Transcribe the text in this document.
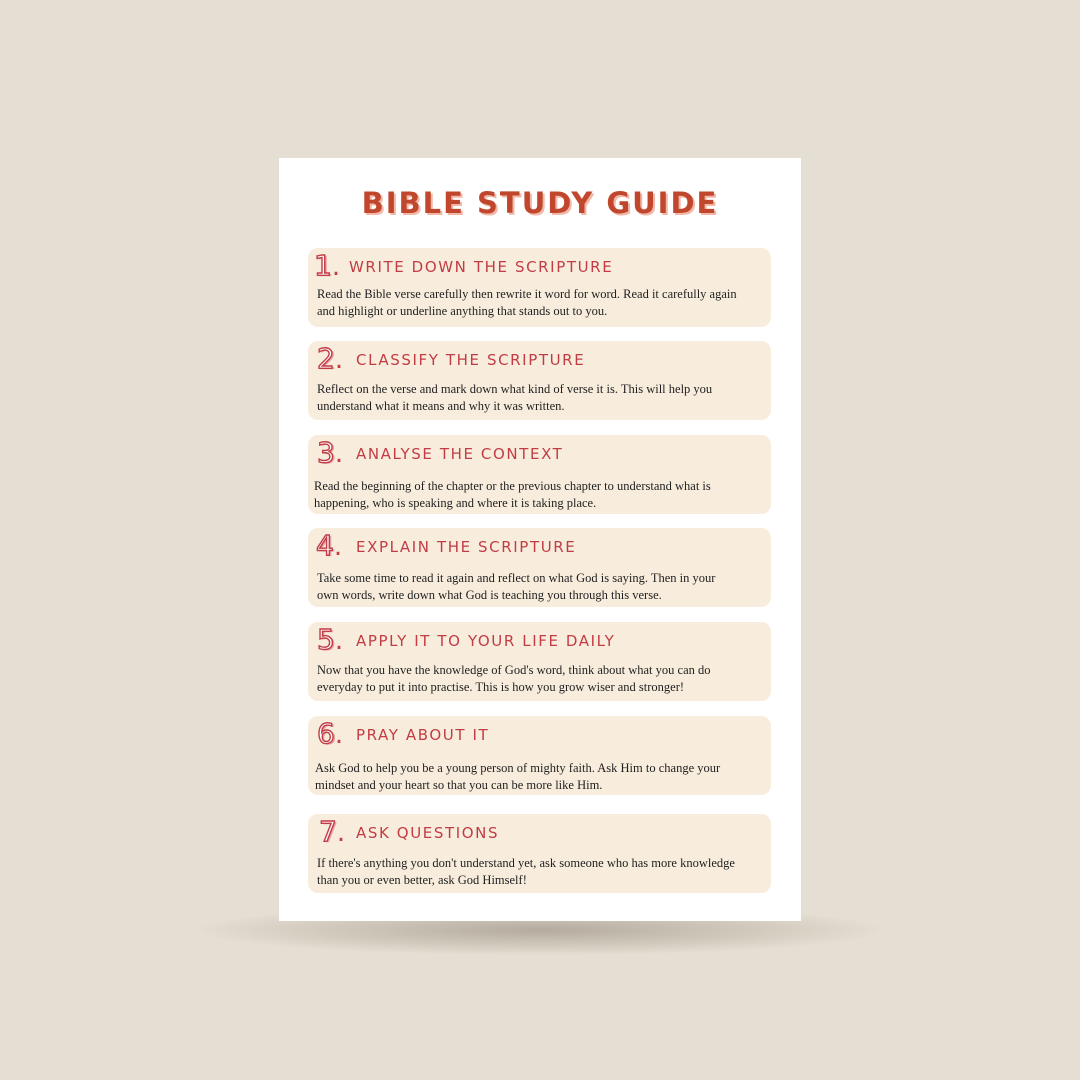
BIBLE STUDY GUIDE
1. WRITE DOWN THE SCRIPTURE
Read the Bible verse carefully then rewrite it word for word. Read it carefully again and highlight or underline anything that stands out to you.
2. CLASSIFY THE SCRIPTURE
Reflect on the verse and mark down what kind of verse it is. This will help you understand what it means and why it was written.
3. ANALYSE THE CONTEXT
Read the beginning of the chapter or the previous chapter to understand what is happening, who is speaking and where it is taking place.
4. EXPLAIN THE SCRIPTURE
Take some time to read it again and reflect on what God is saying. Then in your own words, write down what God is teaching you through this verse.
5. APPLY IT TO YOUR LIFE DAILY
Now that you have the knowledge of God's word, think about what you can do everyday to put it into practise. This is how you grow wiser and stronger!
6. PRAY ABOUT IT
Ask God to help you be a young person of mighty faith. Ask Him to change your mindset and your heart so that you can be more like Him.
7. ASK QUESTIONS
If there's anything you don't understand yet, ask someone who has more knowledge than you or even better, ask God Himself!
